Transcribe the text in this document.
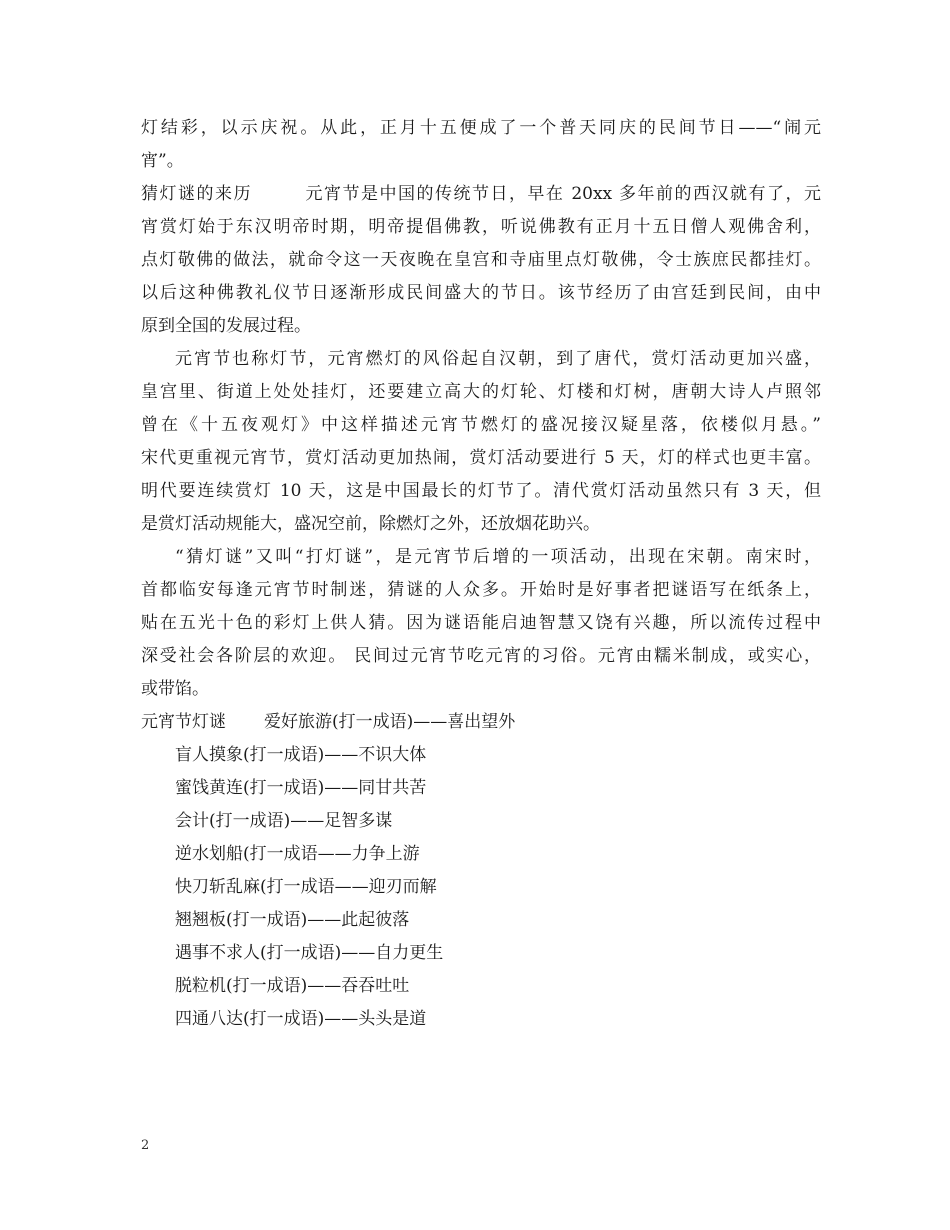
灯结彩，以示庆祝。从此，正月十五便成了一个普天同庆的民间节日——“闹元
宵”。
猜灯谜的来历	元宵节是中国的传统节日，早在 20xx 多年前的西汉就有了，元
宵赏灯始于东汉明帝时期，明帝提倡佛教，听说佛教有正月十五日僧人观佛舍利，
点灯敬佛的做法，就命令这一天夜晚在皇宫和寺庙里点灯敬佛，令士族庶民都挂灯。
以后这种佛教礼仪节日逐渐形成民间盛大的节日。该节经历了由宫廷到民间，由中
原到全国的发展过程。
元宵节也称灯节，元宵燃灯的风俗起自汉朝，到了唐代，赏灯活动更加兴盛，
皇宫里、街道上处处挂灯，还要建立高大的灯轮、灯楼和灯树，唐朝大诗人卢照邻
曾在《十五夜观灯》中这样描述元宵节燃灯的盛况接汉疑星落，依楼似月悬。”
宋代更重视元宵节，赏灯活动更加热闹，赏灯活动要进行 5 天，灯的样式也更丰富。
明代要连续赏灯 10 天，这是中国最长的灯节了。清代赏灯活动虽然只有 3 天，但
是赏灯活动规能大，盛况空前，除燃灯之外，还放烟花助兴。
“猜灯谜”又叫“打灯谜”，是元宵节后增的一项活动，出现在宋朝。南宋时，
首都临安每逢元宵节时制迷，猜谜的人众多。开始时是好事者把谜语写在纸条上，
贴在五光十色的彩灯上供人猜。因为谜语能启迪智慧又饶有兴趣，所以流传过程中
深受社会各阶层的欢迎。 民间过元宵节吃元宵的习俗。元宵由糯米制成，或实心，
或带馅。
元宵节灯谜 爱好旅游(打一成语)——喜出望外
盲人摸象(打一成语)——不识大体
蜜饯黄连(打一成语)——同甘共苦
会计(打一成语)——足智多谋
逆水划船(打一成语——力争上游
快刀斩乱麻(打一成语——迎刃而解
翘翘板(打一成语)——此起彼落
遇事不求人(打一成语)——自力更生
脱粒机(打一成语)——吞吞吐吐
四通八达(打一成语)——头头是道
2
